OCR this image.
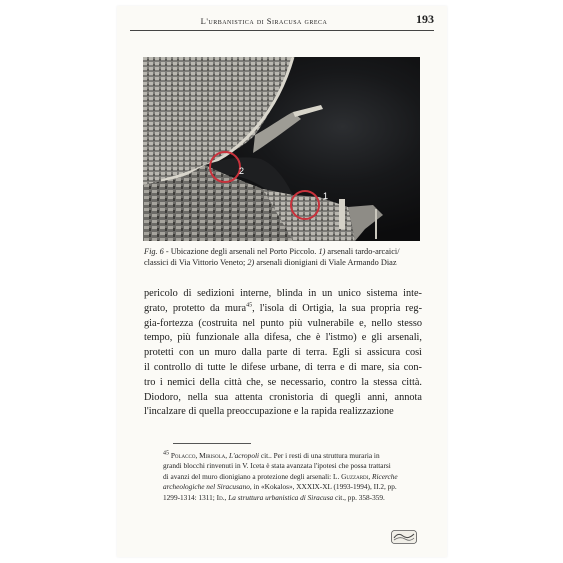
L'urbanistica di Siracusa greca	193
2
1
Fig. 6 - Ubicazione degli arsenali nel Porto Piccolo. 1) arsenali tardo-arcaici/ classici di Via Vittorio Veneto; 2) arsenali dionigiani di Viale Armando Diaz
pericolo di sedizioni interne, blinda in un unico sistema inte-
grato, protetto da mura$^{45}$, l'isola di Ortigia, la sua propria reg-
gia-fortezza (costruita nel punto più vulnerabile e, nello stesso
tempo, più funzionale alla difesa, che è l'istmo) e gli arsenali,
protetti con un muro dalla parte di terra. Egli si assicura così
il controllo di tutte le difese urbane, di terra e di mare, sia con-
tro i nemici della città che, se necessario, contro la stessa città.
Diodoro, nella sua attenta cronistoria di quegli anni, annota
l'incalzare di quella preoccupazione e la rapida realizzazione
$^{45}$ Polacco, Mirisola, L'acropoli cit.. Per i resti di una struttura muraria in
grandi blocchi rinvenuti in V. Iceta è stata avanzata l'ipotesi che possa trattarsi
di avanzi del muro dionigiano a protezione degli arsenali: L. Guzzardi, Ricerche
archeologiche nel Siracusano, in «Kokalos», XXXIX-XL (1993-1994), II.2, pp.
1299-1314: 1311; Id., La struttura urbanistica di Siracusa cit., pp. 358-359.
